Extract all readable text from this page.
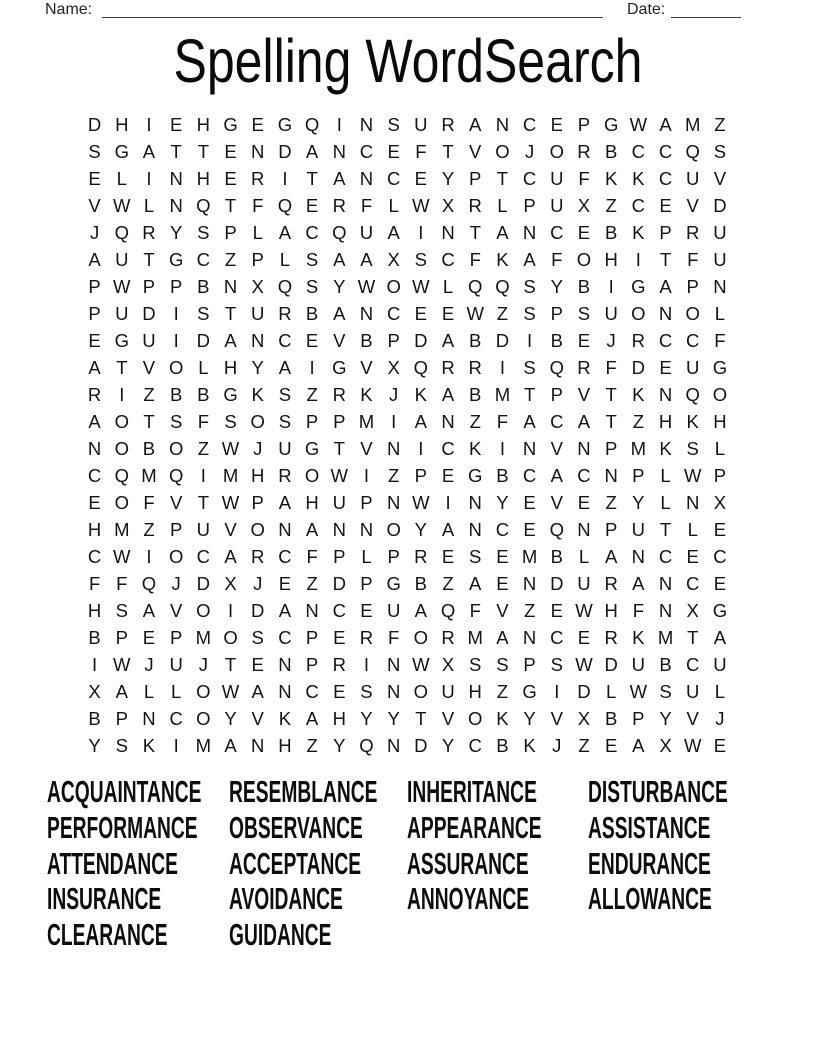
Name:	Date:
Spelling WordSearch
D H I E H G E G Q I N S U R A N C E P G W A M Z
S G A T T E N D A N C E F T V O J O R B C C Q S
E L	I N H E R I	T A N C E Y P T C U F K K C U V
V W L N Q T F Q E R F L W X R L P U X Z C E V D
J Q R Y S P L A C Q U A I N T A N C E B K P R U
A U T G C Z P L S A A X S C F K A F O H I	T F U
P W P P B N X Q S Y W O W L Q Q S Y B I G A P N
P U D I S T U R B A N C E E W Z S P S U O N O L
E G U I D A N C E V B P D A B D I B E J R C C F
A T V O L H Y A I G V X Q R R I S Q R F D E U G
R I	Z B B G K S Z R K J K A B M T P V T K N Q O
A O T S F S O S P P M I A N Z F A C A T Z H K H
N O B O Z W J U G T V N I C K I N V N P M K S L
C Q M Q I M H R O W I	Z P E G B C A C N P L W P
E O F V T W P A H U P N W I N Y E V E Z Y L N X
H M Z P U V O N A N N O Y A N C E Q N P U T L E
C W I O C A R C F P L P R E S E M B L A N C E C
F F Q J D X J E Z D P G B Z A E N D U R A N C E
H S A V O I D A N C E U A Q F V Z E W H F N X G
B P E P M O S C P E R F O R M A N C E R K M T A
I W J U J T E N P R I N W X S S P S W D U B C U
X A L L O W A N C E S N O U H Z G I D L W S U L
B P N C O Y V K A H Y Y T V O K Y V X B P Y V J
Y S K I M A N H Z Y Q N D Y C B K J Z E A X W E
ACQUAINTANCE
PERFORMANCE
ATTENDANCE
INSURANCE
CLEARANCE
RESEMBLANCE
OBSERVANCE
ACCEPTANCE
AVOIDANCE
GUIDANCE
INHERITANCE
APPEARANCE
ASSURANCE
ANNOYANCE
DISTURBANCE
ASSISTANCE
ENDURANCE
ALLOWANCE
